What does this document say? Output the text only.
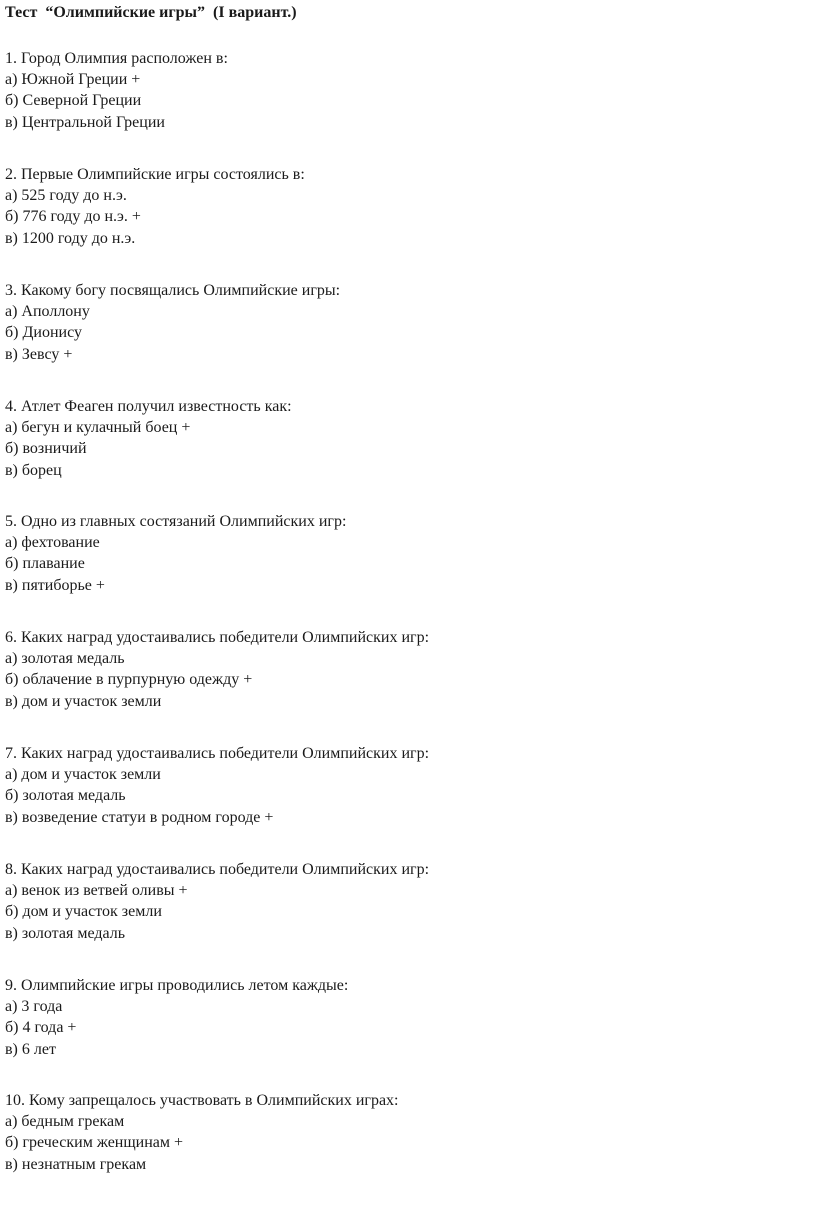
Тест  “Олимпийские игры”  (I вариант.)
1. Город Олимпия расположен в:
а) Южной Греции +
б) Северной Греции
в) Центральной Греции
2. Первые Олимпийские игры состоялись в:
а) 525 году до н.э.
б) 776 году до н.э. +
в) 1200 году до н.э.
3. Какому богу посвящались Олимпийские игры:
а) Аполлону
б) Дионису
в) Зевсу +
4. Атлет Феаген получил известность как:
а) бегун и кулачный боец +
б) возничий
в) борец
5. Одно из главных состязаний Олимпийских игр:
а) фехтование
б) плавание
в) пятиборье +
6. Каких наград удостаивались победители Олимпийских игр:
а) золотая медаль
б) облачение в пурпурную одежду +
в) дом и участок земли
7. Каких наград удостаивались победители Олимпийских игр:
а) дом и участок земли
б) золотая медаль
в) возведение статуи в родном городе +
8. Каких наград удостаивались победители Олимпийских игр:
а) венок из ветвей оливы +
б) дом и участок земли
в) золотая медаль
9. Олимпийские игры проводились летом каждые:
а) 3 года
б) 4 года +
в) 6 лет
10. Кому запрещалось участвовать в Олимпийских играх:
а) бедным грекам
б) греческим женщинам +
в) незнатным грекам
